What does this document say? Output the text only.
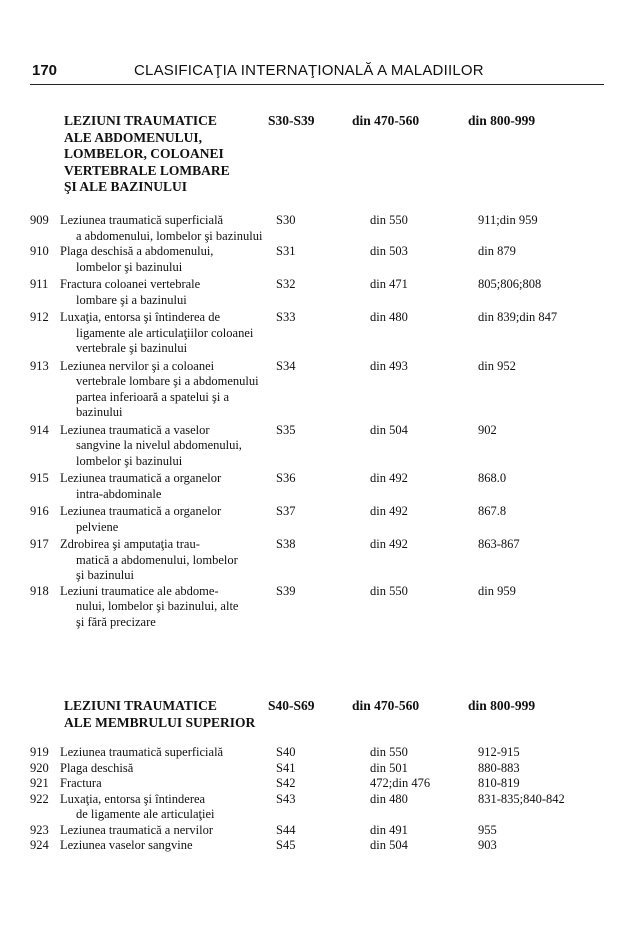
170	CLASIFICAŢIA INTERNAŢIONALĂ A MALADIILOR
LEZIUNI TRAUMATICE
ALE ABDOMENULUI,
LOMBELOR, COLOANEI
VERTEBRALE LOMBARE
ŞI ALE BAZINULUI
S30-S39	din 470-560	din 800-999
909 Leziunea traumatică superficială
a abdomenului, lombelor şi bazinului
S30	din 550	911;din 959
910 Plaga deschisă a abdomenului,
lombelor şi bazinului
S31	din 503	din 879
911 Fractura coloanei vertebrale
lombare şi a bazinului
S32	din 471	805;806;808
912 Luxaţia, entorsa şi întinderea de
ligamente ale articulaţiilor coloanei
vertebrale şi bazinului
S33	din 480	din 839;din 847
913 Leziunea nervilor şi a coloanei
vertebrale lombare şi a abdomenului
partea inferioară a spatelui şi a
bazinului
S34	din 493	din 952
914 Leziunea traumatică a vaselor
sangvine la nivelul abdomenului,
lombelor şi bazinului
S35	din 504	902
915 Leziunea traumatică a organelor
intra-abdominale
S36	din 492	868.0
916 Leziunea traumatică a organelor
pelviene
S37	din 492	867.8
917 Zdrobirea şi amputaţia trau-
matică a abdomenului, lombelor
şi bazinului
S38	din 492	863-867
918 Leziuni traumatice ale abdome-
nului, lombelor şi bazinului, alte
şi fără precizare
S39	din 550	din 959
LEZIUNI TRAUMATICE
ALE MEMBRULUI SUPERIOR
S40-S69	din 470-560	din 800-999
919 Leziunea traumatică superficială	S40	din 550	912-915
920 Plaga deschisă	S41	din 501	880-883
921 Fractura	S42	472;din 476	810-819
922 Luxaţia, entorsa şi întinderea
de ligamente ale articulaţiei
S43	din 480	831-835;840-842
923 Leziunea traumatică a nervilor	S44	din 491	955
924 Leziunea vaselor sangvine	S45	din 504	903
